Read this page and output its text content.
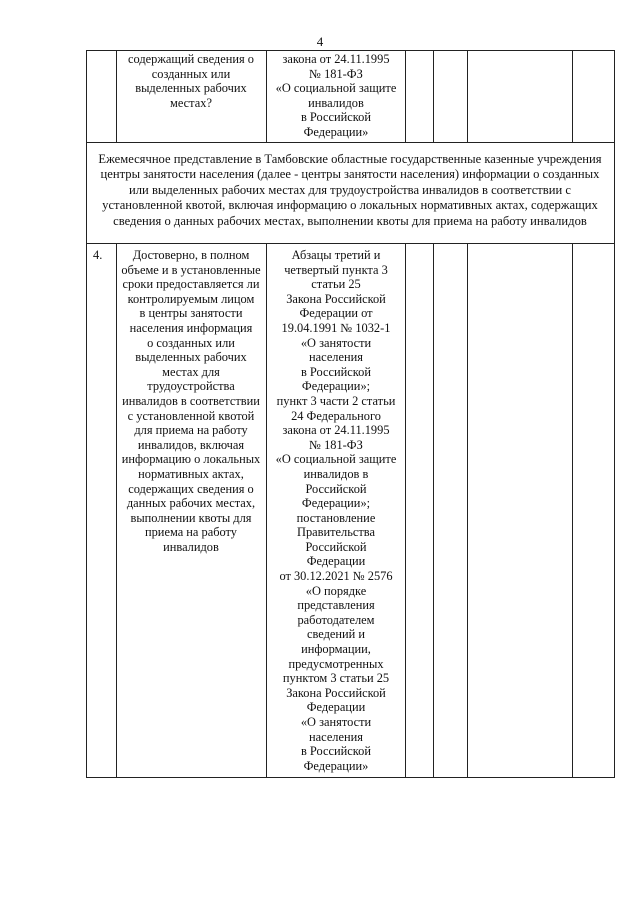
4
содержащий сведения о
созданных или
выделенных рабочих
местах?
закона от 24.11.1995
№ 181-ФЗ
«О социальной защите
инвалидов
в Российской
Федерации»
Ежемесячное представление в Тамбовские областные государственные казенные учреждения
центры занятости населения (далее - центры занятости населения) информации о созданных
или выделенных рабочих местах для трудоустройства инвалидов в соответствии с
установленной квотой, включая информацию о локальных нормативных актах, содержащих
сведения о данных рабочих местах, выполнении квоты для приема на работу инвалидов
4.	Достоверно, в полном
объеме и в установленные
сроки предоставляется ли
контролируемым лицом
в центры занятости
населения информация
о созданных или
выделенных рабочих
местах для
трудоустройства
инвалидов в соответствии
с установленной квотой
для приема на работу
инвалидов, включая
информацию о локальных
нормативных актах,
содержащих сведения о
данных рабочих местах,
выполнении квоты для
приема на работу
инвалидов
Абзацы третий и
четвертый пункта 3
статьи 25
Закона Российской
Федерации от
19.04.1991 № 1032-1
«О занятости
населения
в Российской
Федерации»;
пункт 3 части 2 статьи
24 Федерального
закона от 24.11.1995
№ 181-ФЗ
«О социальной защите
инвалидов в
Российской
Федерации»;
постановление
Правительства
Российской
Федерации
от 30.12.2021 № 2576
«О порядке
представления
работодателем
сведений и
информации,
предусмотренных
пунктом 3 статьи 25
Закона Российской
Федерации
«О занятости
населения
в Российской
Федерации»
